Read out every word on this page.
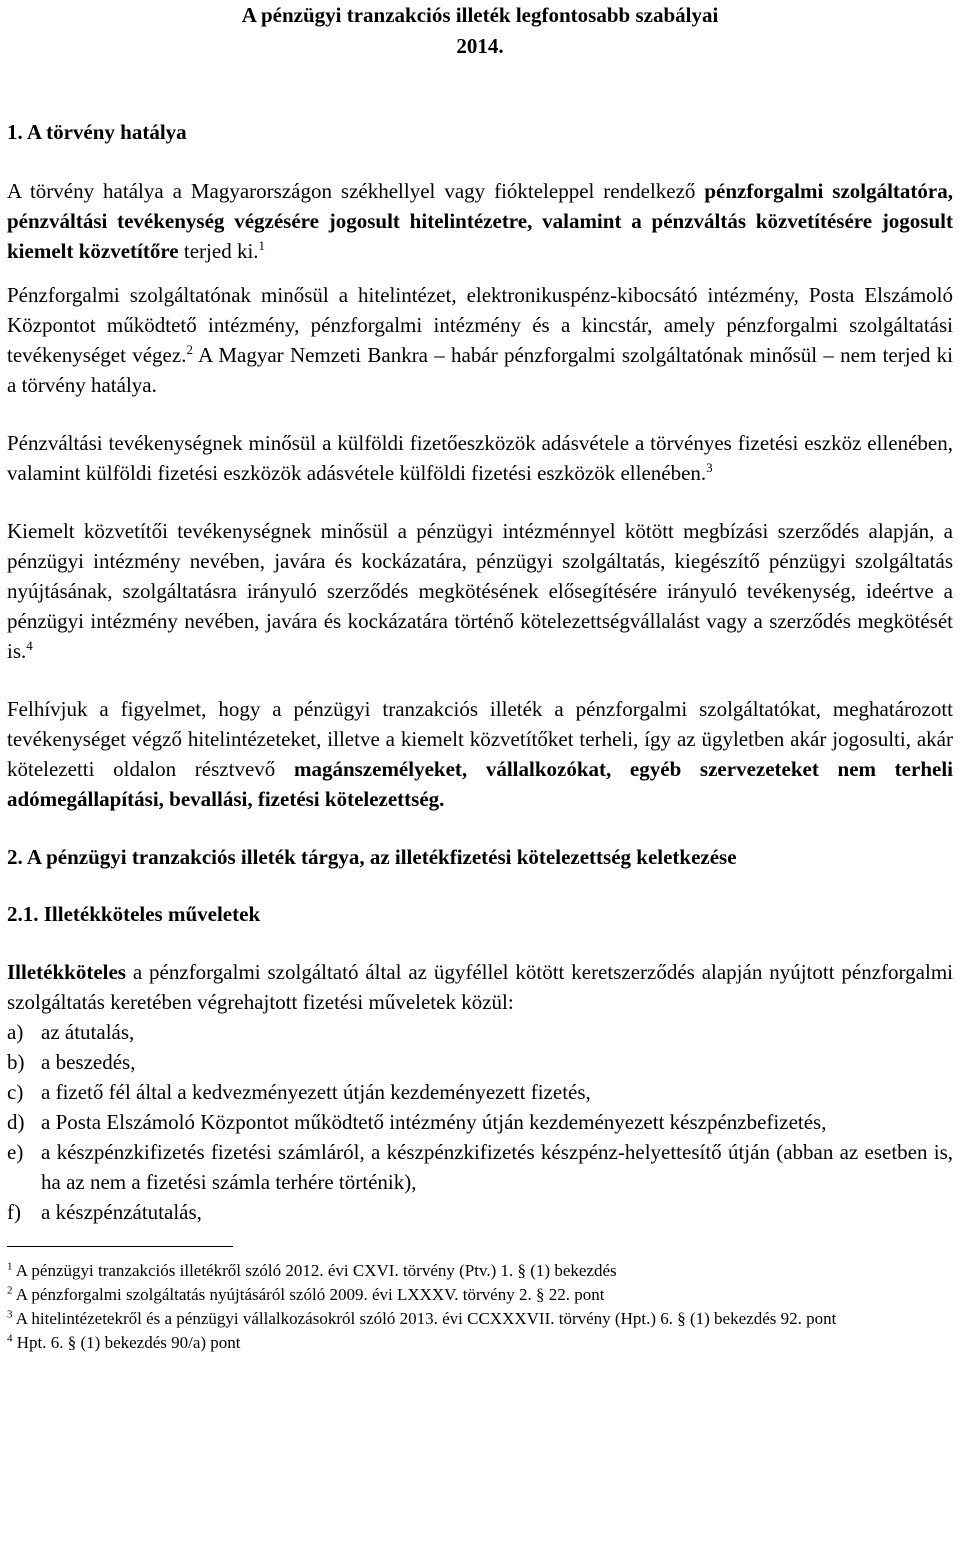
A pénzügyi tranzakciós illeték legfontosabb szabályai
2014.
1. A törvény hatálya

A törvény hatálya a Magyarországon székhellyel vagy fiókteleppel rendelkező pénzforgalmi szolgáltatóra, pénzváltási tevékenység végzésére jogosult hitelintézetre, valamint a pénzváltás közvetítésére jogosult kiemelt közvetítőre terjed ki.$^1$

Pénzforgalmi szolgáltatónak minősül a hitelintézet, elektronikuspénz-kibocsátó intézmény, Posta Elszámoló Központot működtető intézmény, pénzforgalmi intézmény és a kincstár, amely pénzforgalmi szolgáltatási tevékenységet végez.$^2$ A Magyar Nemzeti Bankra – habár pénzforgalmi szolgáltatónak minősül – nem terjed ki a törvény hatálya.

Pénzváltási tevékenységnek minősül a külföldi fizetőeszközök adásvétele a törvényes fizetési eszköz ellenében, valamint külföldi fizetési eszközök adásvétele külföldi fizetési eszközök ellenében.$^3$

Kiemelt közvetítői tevékenységnek minősül a pénzügyi intézménnyel kötött megbízási szerződés alapján, a pénzügyi intézmény nevében, javára és kockázatára, pénzügyi szolgáltatás, kiegészítő pénzügyi szolgáltatás nyújtásának, szolgáltatásra irányuló szerződés megkötésének elősegítésére irányuló tevékenység, ideértve a pénzügyi intézmény nevében, javára és kockázatára történő kötelezettségvállalást vagy a szerződés megkötését is.$^4$

Felhívjuk a figyelmet, hogy a pénzügyi tranzakciós illeték a pénzforgalmi szolgáltatókat, meghatározott tevékenységet végző hitelintézeteket, illetve a kiemelt közvetítőket terheli, így az ügyletben akár jogosulti, akár kötelezetti oldalon résztvevő magánszemélyeket, vállalkozókat, egyéb szervezeteket nem terheli adómegállapítási, bevallási, fizetési kötelezettség.

2. A pénzügyi tranzakciós illeték tárgya, az illetékfizetési kötelezettség keletkezése
2.1. Illetékköteles műveletek

Illetékköteles a pénzforgalmi szolgáltató által az ügyféllel kötött keretszerződés alapján nyújtott pénzforgalmi szolgáltatás keretében végrehajtott fizetési műveletek közül:

a) az átutalás,
b) a beszedés,
c) a fizető fél által a kedvezményezett útján kezdeményezett fizetés,
d) a Posta Elszámoló Központot működtető intézmény útján kezdeményezett készpénzbefizetés,
e) a készpénzkifizetés fizetési számláról, a készpénzkifizetés készpénz-helyettesítő útján (abban az esetben is, ha az nem a fizetési számla terhére történik),
f) a készpénzátutalás,
$^1$ A pénzügyi tranzakciós illetékről szóló 2012. évi CXVI. törvény (Ptv.) 1. § (1) bekezdés
$^2$ A pénzforgalmi szolgáltatás nyújtásáról szóló 2009. évi LXXXV. törvény 2. § 22. pont
$^3$ A hitelintézetekről és a pénzügyi vállalkozásokról szóló 2013. évi CCXXXVII. törvény (Hpt.) 6. § (1) bekezdés 92. pont
$^4$ Hpt. 6. § (1) bekezdés 90/a) pont
